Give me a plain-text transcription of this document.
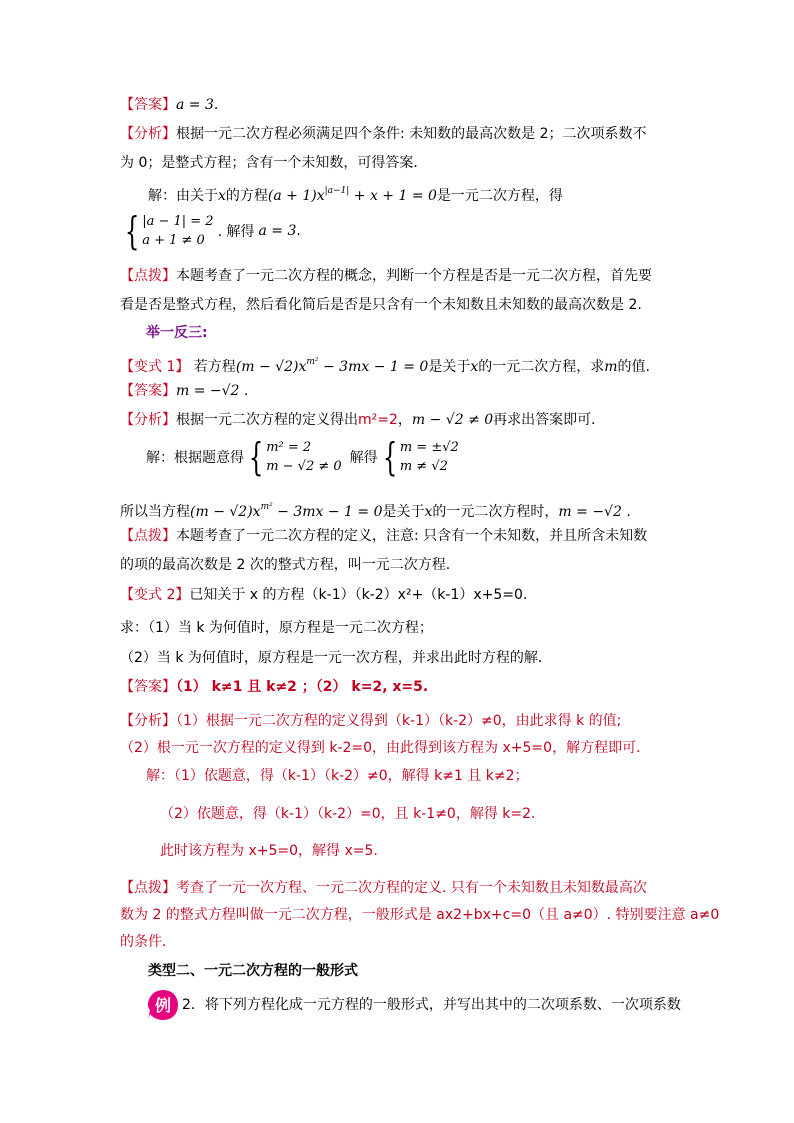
【答案】a = 3.
【分析】根据一元二次方程必须满足四个条件: 未知数的最高次数是 2；二次项系数不
为 0；是整式方程；含有一个未知数，可得答案．
解：由关于x的方程$(a + 1)x^{|a-1|} + x + 1 = 0$是一元二次方程，得
{ |a − 1| = 2
a + 1 ≠ 0
. 解得 a = 3.
【点拨】本题考查了一元二次方程的概念，判断一个方程是否是一元二次方程，首先要
看是否是整式方程，然后看化简后是否是只含有一个未知数且未知数的最高次数是 2.
举一反三:
【变式 1】 若方程$(m - √2)x^{m^2} - 3mx - 1 = 0$是关于x的一元二次方程，求m的值.
【答案】m = −√2 .
【分析】根据一元二次方程的定义得出m²=2，m − √2 ≠ 0再求出答案即可．
解：根据题意得 { m² = 2
m − √2 ≠ 0
解得 { m = ±√2
m ≠ √2
所以当方程$(m - √2)x^{m^2} - 3mx - 1 = 0$是关于x的一元二次方程时，m = −√2 .
【点拨】本题考查了一元二次方程的定义，注意: 只含有一个未知数，并且所含未知数
的项的最高次数是 2 次的整式方程，叫一元二次方程.
【变式 2】已知关于 x 的方程（k-1）（k-2）x²+（k-1）x+5=0.
求：（1）当 k 为何值时，原方程是一元二次方程；
（2）当 k 为何值时，原方程是一元一次方程，并求出此时方程的解．
【答案】（1） k≠1 且 k≠2 ；（2） k=2, x=5.
【分析】（1）根据一元二次方程的定义得到（k-1）（k-2）≠0，由此求得 k 的值;
（2）根一元一次方程的定义得到 k-2=0，由此得到该方程为 x+5=0，解方程即可．
解：（1）依题意，得（k-1）（k-2）≠0，解得 k≠1 且 k≠2；
（2）依题意，得（k-1）（k-2）=0，且 k-1≠0，解得 k=2.
此时该方程为 x+5=0，解得 x=5.
【点拨】考查了一元一次方程、一元二次方程的定义. 只有一个未知数且未知数最高次
数为 2 的整式方程叫做一元二次方程，一般形式是 ax2+bx+c=0（且 a≠0）. 特别要注意 a≠0
的条件．
类型二、一元二次方程的一般形式
例 2．将下列方程化成一元方程的一般形式，并写出其中的二次项系数、一次项系数
